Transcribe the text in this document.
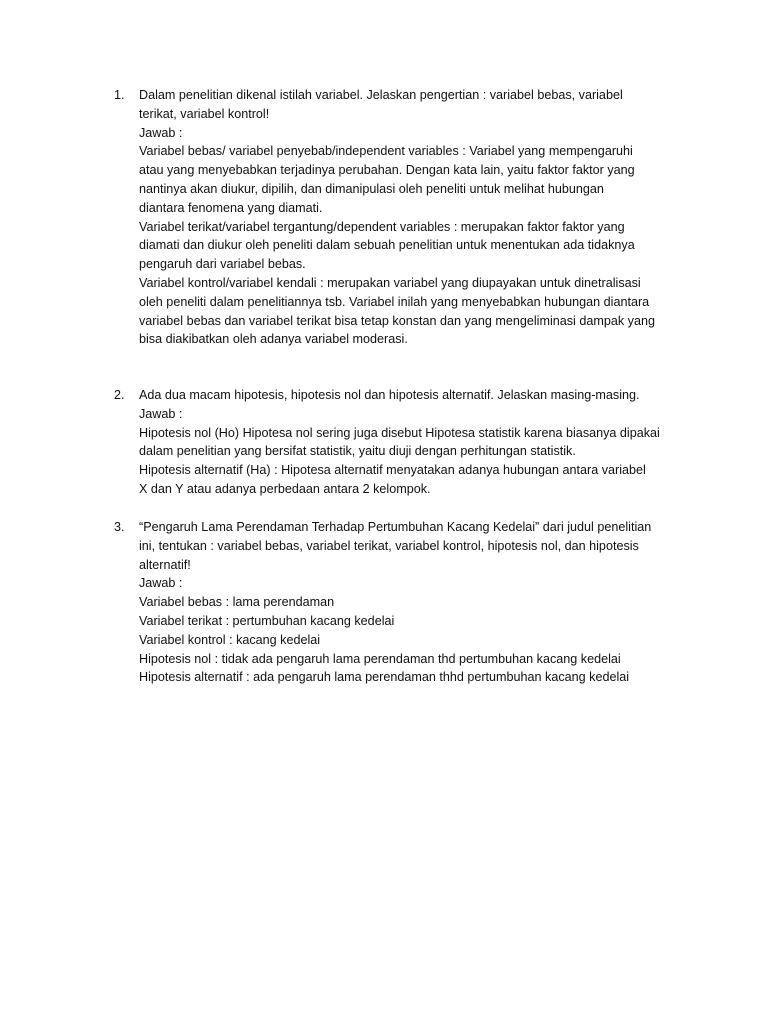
1.	Dalam penelitian dikenal istilah variabel. Jelaskan pengertian : variabel bebas, variabel
terikat, variabel kontrol!
Jawab :
Variabel bebas/ variabel penyebab/independent variables : Variabel yang mempengaruhi
atau yang menyebabkan terjadinya perubahan. Dengan kata lain, yaitu faktor faktor yang
nantinya akan diukur, dipilih, dan dimanipulasi oleh peneliti untuk melihat hubungan
diantara fenomena yang diamati.
Variabel terikat/variabel tergantung/dependent variables : merupakan faktor faktor yang
diamati dan diukur oleh peneliti dalam sebuah penelitian untuk menentukan ada tidaknya
pengaruh dari variabel bebas.
Variabel kontrol/variabel kendali : merupakan variabel yang diupayakan untuk dinetralisasi
oleh peneliti dalam penelitiannya tsb. Variabel inilah yang menyebabkan hubungan diantara
variabel bebas dan variabel terikat bisa tetap konstan dan yang mengeliminasi dampak yang
bisa diakibatkan oleh adanya variabel moderasi.
2.	Ada dua macam hipotesis, hipotesis nol dan hipotesis alternatif. Jelaskan masing-masing.
Jawab :
Hipotesis nol (Ho) Hipotesa nol sering juga disebut Hipotesa statistik karena biasanya dipakai
dalam penelitian yang bersifat statistik, yaitu diuji dengan perhitungan statistik.
Hipotesis alternatif (Ha) : Hipotesa alternatif menyatakan adanya hubungan antara variabel
X dan Y atau adanya perbedaan antara 2 kelompok.
3.	“Pengaruh Lama Perendaman Terhadap Pertumbuhan Kacang Kedelai” dari judul penelitian
ini, tentukan : variabel bebas, variabel terikat, variabel kontrol, hipotesis nol, dan hipotesis
alternatif!
Jawab :
Variabel bebas : lama perendaman
Variabel terikat : pertumbuhan kacang kedelai
Variabel kontrol : kacang kedelai
Hipotesis nol : tidak ada pengaruh lama perendaman thd pertumbuhan kacang kedelai
Hipotesis alternatif : ada pengaruh lama perendaman thhd pertumbuhan kacang kedelai
